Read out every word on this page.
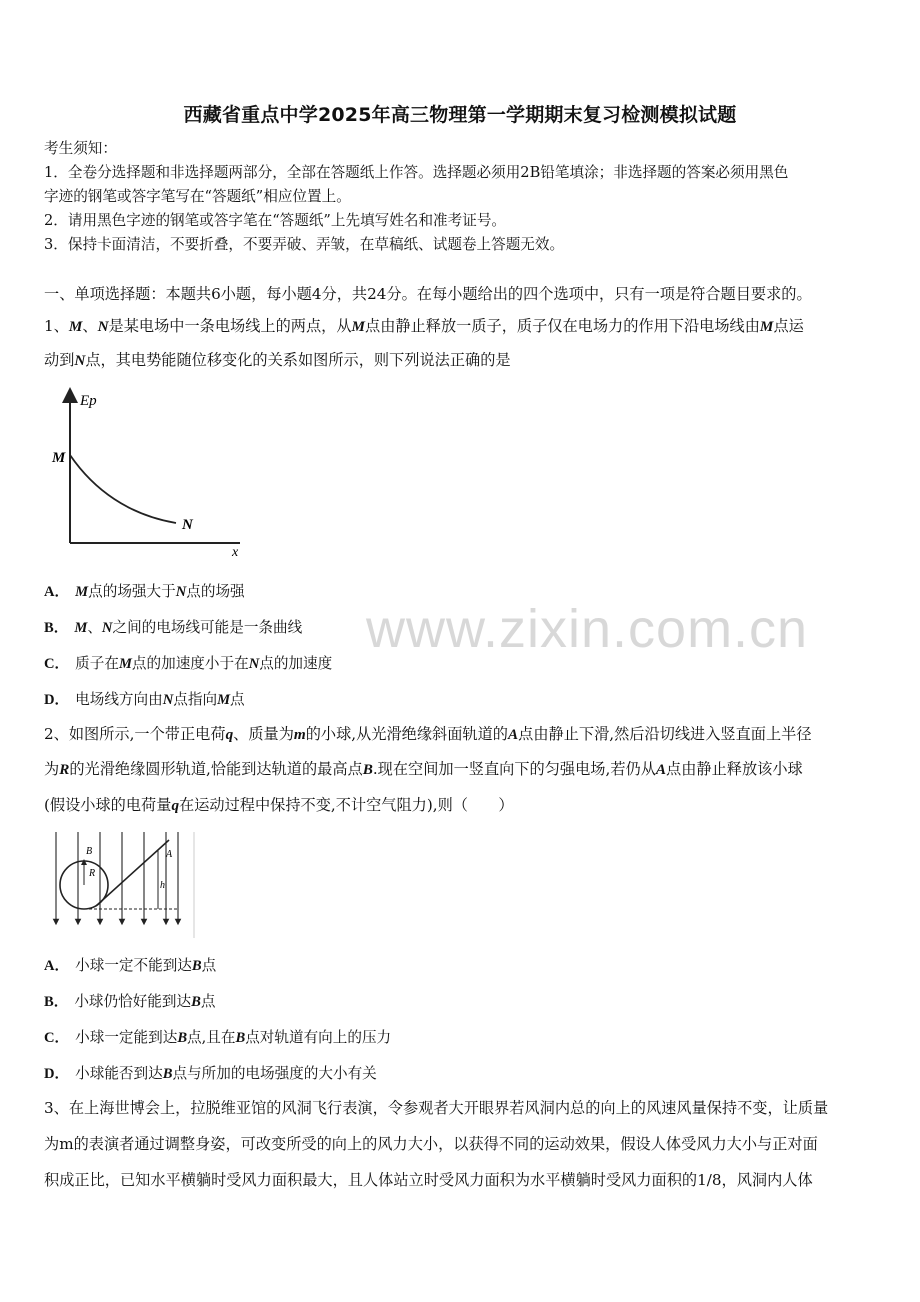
西藏省重点中学2025年高三物理第一学期期末复习检测模拟试题
考生须知：
1．全卷分选择题和非选择题两部分，全部在答题纸上作答。选择题必须用2B铅笔填涂；非选择题的答案必须用黑色
字迹的钢笔或答字笔写在“答题纸”相应位置上。
2．请用黑色字迹的钢笔或答字笔在“答题纸”上先填写姓名和准考证号。
3．保持卡面清洁，不要折叠，不要弄破、弄皱，在草稿纸、试题卷上答题无效。
一、单项选择题：本题共6小题，每小题4分，共24分。在每小题给出的四个选项中，只有一项是符合题目要求的。
1、M、N是某电场中一条电场线上的两点，从M点由静止释放一质子，质子仅在电场力的作用下沿电场线由M点运
动到N点，其电势能随位移变化的关系如图所示，则下列说法正确的是
Ep
M
N
x
A． M点的场强大于N点的场强
B． M、N之间的电场线可能是一条曲线
C． 质子在M点的加速度小于在N点的加速度
D． 电场线方向由N点指向M点
www.zixin.com.cn
2、如图所示,一个带正电荷q、质量为m的小球,从光滑绝缘斜面轨道的A点由静止下滑,然后沿切线进入竖直面上半径
为R的光滑绝缘圆形轨道,恰能到达轨道的最高点B.现在空间加一竖直向下的匀强电场,若仍从A点由静止释放该小球
(假设小球的电荷量q在运动过程中保持不变,不计空气阻力),则（　　）
B
R
A
h
A． 小球一定不能到达B点
B． 小球仍恰好能到达B点
C． 小球一定能到达B点,且在B点对轨道有向上的压力
D． 小球能否到达B点与所加的电场强度的大小有关
3、在上海世博会上，拉脱维亚馆的风洞飞行表演，令参观者大开眼界若风洞内总的向上的风速风量保持不变，让质量
为m的表演者通过调整身姿，可改变所受的向上的风力大小，以获得不同的运动效果，假设人体受风力大小与正对面
积成正比，已知水平横躺时受风力面积最大，且人体站立时受风力面积为水平横躺时受风力面积的1/8，风洞内人体
